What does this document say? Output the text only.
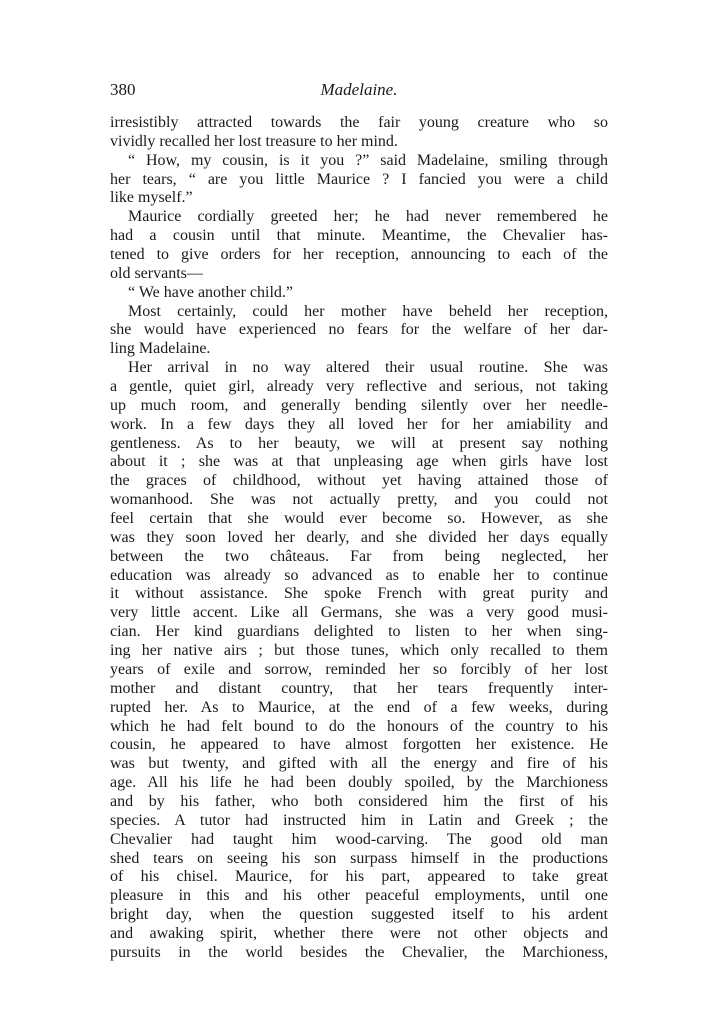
380	Madelaine.
irresistibly attracted towards the fair young creature who so
vividly recalled her lost treasure to her mind.
“ How, my cousin, is it you ?” said Madelaine, smiling through
her tears, “ are you little Maurice ? I fancied you were a child
like myself.”
Maurice cordially greeted her; he had never remembered he
had a cousin until that minute. Meantime, the Chevalier has-
tened to give orders for her reception, announcing to each of the
old servants—
“ We have another child.”
Most certainly, could her mother have beheld her reception,
she would have experienced no fears for the welfare of her dar-
ling Madelaine.
Her arrival in no way altered their usual routine. She was
a gentle, quiet girl, already very reflective and serious, not taking
up much room, and generally bending silently over her needle-
work. In a few days they all loved her for her amiability and
gentleness. As to her beauty, we will at present say nothing
about it ; she was at that unpleasing age when girls have lost
the graces of childhood, without yet having attained those of
womanhood. She was not actually pretty, and you could not
feel certain that she would ever become so. However, as she
was they soon loved her dearly, and she divided her days equally
between the two châteaus. Far from being neglected, her
education was already so advanced as to enable her to continue
it without assistance. She spoke French with great purity and
very little accent. Like all Germans, she was a very good musi-
cian. Her kind guardians delighted to listen to her when sing-
ing her native airs ; but those tunes, which only recalled to them
years of exile and sorrow, reminded her so forcibly of her lost
mother and distant country, that her tears frequently inter-
rupted her. As to Maurice, at the end of a few weeks, during
which he had felt bound to do the honours of the country to his
cousin, he appeared to have almost forgotten her existence. He
was but twenty, and gifted with all the energy and fire of his
age. All his life he had been doubly spoiled, by the Marchioness
and by his father, who both considered him the first of his
species. A tutor had instructed him in Latin and Greek ; the
Chevalier had taught him wood-carving. The good old man
shed tears on seeing his son surpass himself in the productions
of his chisel. Maurice, for his part, appeared to take great
pleasure in this and his other peaceful employments, until one
bright day, when the question suggested itself to his ardent
and awaking spirit, whether there were not other objects and
pursuits in the world besides the Chevalier, the Marchioness,
